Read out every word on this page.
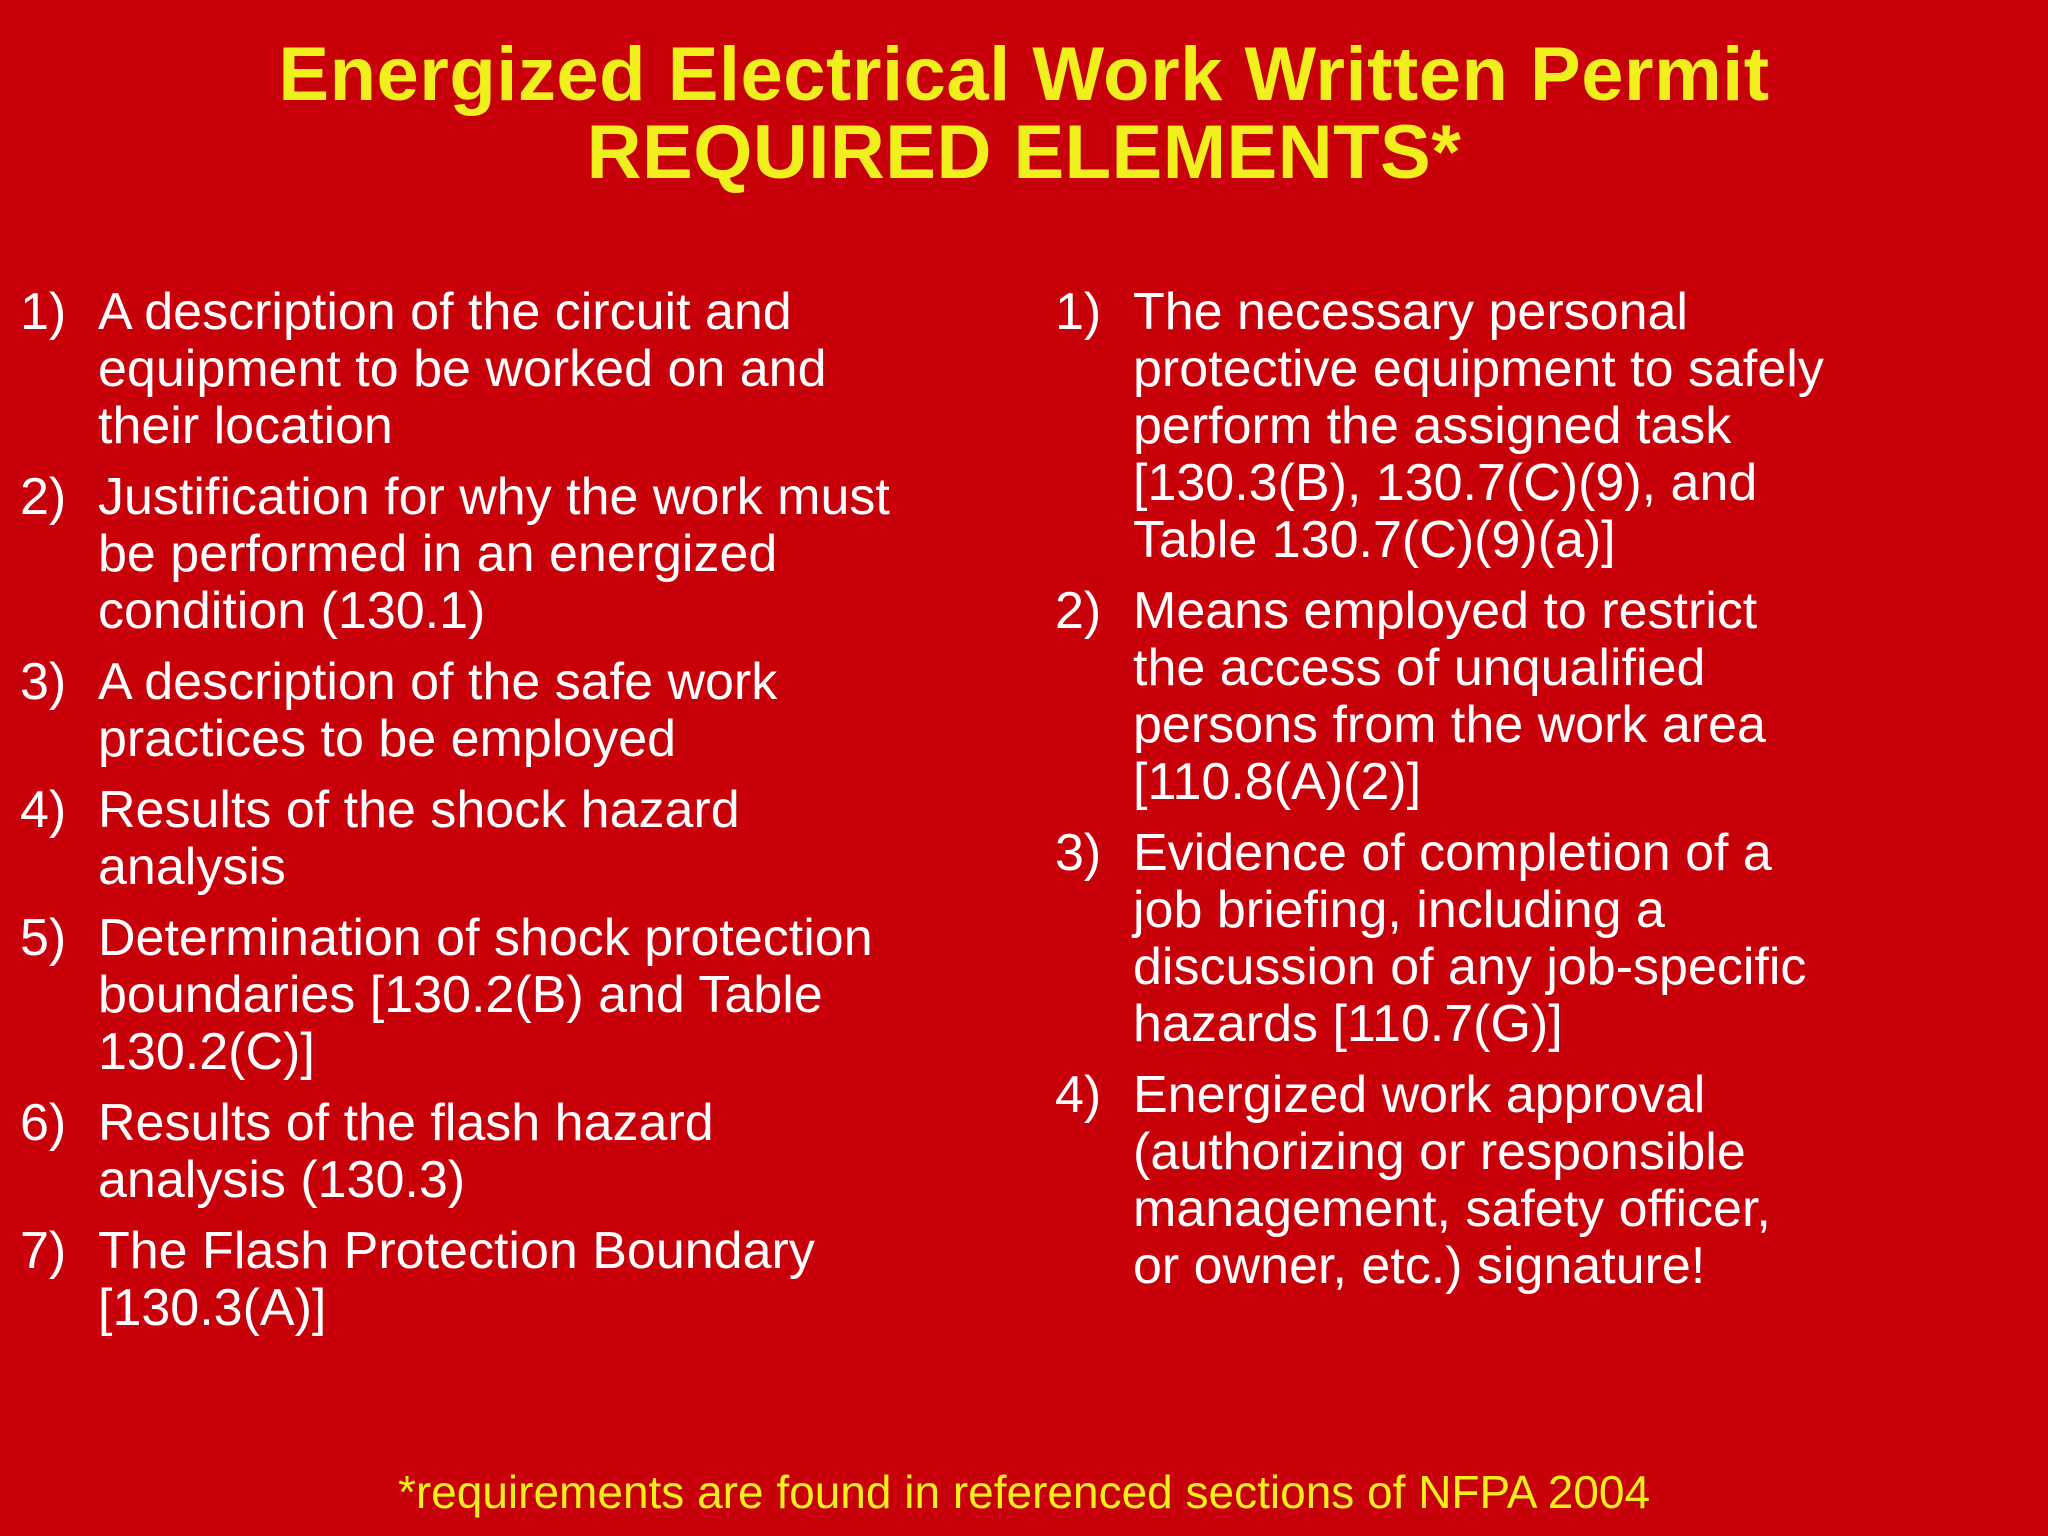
Energized Electrical Work Written Permit
REQUIRED ELEMENTS*
1) A description of the circuit and
equipment to be worked on and
their location
2) Justification for why the work must
be performed in an energized
condition (130.1)
3) A description of the safe work
practices to be employed
4) Results of the shock hazard
analysis
5) Determination of shock protection
boundaries [130.2(B) and Table
130.2(C)]
6) Results of the flash hazard
analysis (130.3)
7) The Flash Protection Boundary
[130.3(A)]
1) The necessary personal
protective equipment to safely
perform the assigned task
[130.3(B), 130.7(C)(9), and
Table 130.7(C)(9)(a)]
2) Means employed to restrict
the access of unqualified
persons from the work area
[110.8(A)(2)]
3) Evidence of completion of a
job briefing, including a
discussion of any job-specific
hazards [110.7(G)]
4) Energized work approval
(authorizing or responsible
management, safety officer,
or owner, etc.) signature!
*requirements are found in referenced sections of NFPA 2004
